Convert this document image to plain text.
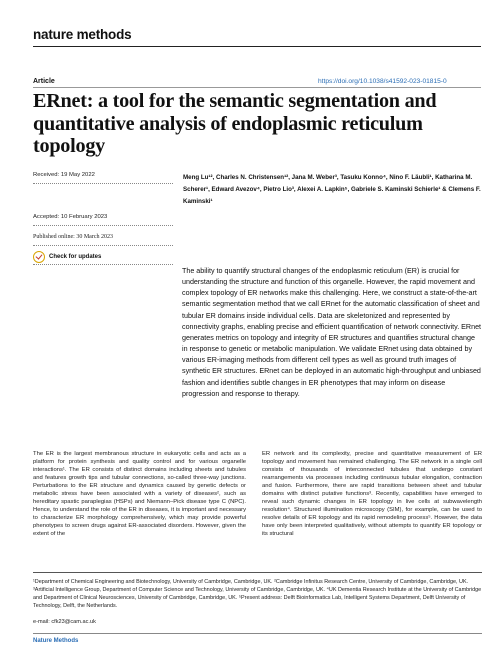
nature methods
Article	https://doi.org/10.1038/s41592-023-01815-0
ERnet: a tool for the semantic segmentation and quantitative analysis of endoplasmic reticulum topology
Received: 19 May 2022
Accepted: 10 February 2023
Published online: 30 March 2023
Check for updates
Meng Lu¹², Charles N. Christensen¹², Jana M. Weber³, Tasuku Konno⁴, Nino F. Läubli¹, Katharina M. Scherer¹, Edward Avezov⁴, Pietro Lio³, Alexei A. Lapkin⁵, Gabriele S. Kaminski Schierle¹ & Clemens F. Kaminski¹
The ability to quantify structural changes of the endoplasmic reticulum (ER) is crucial for understanding the structure and function of this organelle. However, the rapid movement and complex topology of ER networks make this challenging. Here, we construct a state-of-the-art semantic segmentation method that we call ERnet for the automatic classification of sheet and tubular ER domains inside individual cells. Data are skeletonized and represented by connectivity graphs, enabling precise and efficient quantification of network connectivity. ERnet generates metrics on topology and integrity of ER structures and quantifies structural change in response to genetic or metabolic manipulation. We validate ERnet using data obtained by various ER-imaging methods from different cell types as well as ground truth images of synthetic ER structures. ERnet can be deployed in an automatic high-throughput and unbiased fashion and identifies subtle changes in ER phenotypes that may inform on disease progression and response to therapy.
The ER is the largest membranous structure in eukaryotic cells and acts as a platform for protein synthesis and quality control and for various organelle interactions¹. The ER consists of distinct domains including sheets and tubules and features growth tips and tubular connections, so-called three-way junctions. Perturbations to the ER structure and dynamics caused by genetic defects or metabolic stress have been associated with a variety of diseases², such as hereditary spastic paraplegias (HSPs) and Niemann–Pick disease type C (NPC). Hence, to understand the role of the ER in diseases, it is important and necessary to characterize ER morphology comprehensively, which may provide powerful phenotypes to screen drugs against ER-associated disorders. However, given the extent of the
ER network and its complexity, precise and quantitative measurement of ER topology and movement has remained challenging. The ER network in a single cell consists of thousands of interconnected tubules that undergo constant rearrangements via processes including continuous tubular elongation, contraction and fusion. Furthermore, there are rapid transitions between sheet and tubular domains with distinct putative functions³. Recently, capabilities have emerged to reveal such dynamic changes in ER topology in live cells at subwavelength resolution⁴. Structured illumination microscopy (SIM), for example, can be used to resolve details of ER topology and its rapid remodeling process⁵. However, the data have only been interpreted qualitatively, without attempts to quantify ER topology or its structural
¹Department of Chemical Engineering and Biotechnology, University of Cambridge, Cambridge, UK. ²Cambridge Infinitus Research Centre, University of Cambridge, Cambridge, UK. ³Artificial Intelligence Group, Department of Computer Science and Technology, University of Cambridge, Cambridge, UK. ⁴UK Dementia Research Institute at the University of Cambridge and Department of Clinical Neurosciences, University of Cambridge, Cambridge, UK. ⁵Present address: Delft Bioinformatics Lab, Intelligent Systems Department, Delft University of Technology, Delft, the Netherlands.
e-mail: cfk23@cam.ac.uk
Nature Methods
